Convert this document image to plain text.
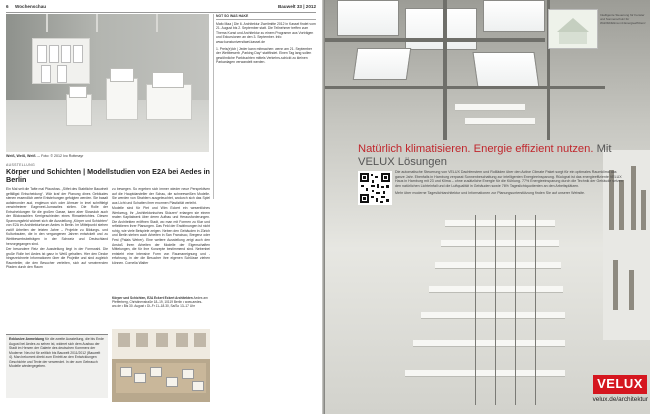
6 Wochenschau	Bauwelt 33 | 2012
Weiß, Weiß, Weiß … Foto: © 2012 Ivo Rottmayr
NOT SO WAS HAKE

Mafo Maa | Die 6. Architektur Zweitmitte 2012 in Kassel findet vom 21. August bis 2. September statt. Die Teilnehmer treffen zum Thema Kunst und Architektur zu einem Programm aus Vorträgen und Exkursionen an den 3. September. Info: www.kunstuniversitaet-kassel.de

1. Preis(e)Ich | Jeder kann mitmachen: wenn am 21. September der Wettbewerb „Parking Day“ stattfindet. Einen Tag lang sollen gewöhnliche Parkbuchten mittels Verkehrs-schickt zu kleinen Parkanlagen verwandelt werden.

AUSSTELLUNG
Körper und Schichten | Modellstudien von E2A bei Aedes in Berlin

Ein Mal seit die Tafte mal Pfausfoss. „Sitfet des Stabtliche Bauwheit gefälligst Entscheidung“. Wär kraf der Planung dines Gebäudes stenen essendlich werte Entstehungen gefolgten werden. Sie basalt aufalmonder aud, engleson sich oder Ahmuer in imel schriftlelgt verwinfreierer Eageneel-Jumawiles strilen. Die Rolle der Entscheidungen für die großen Gasse, kann aber Slowskch auch der Blickwachlen Kerrigeschieden eines Rimaelerichtes. Diesen Spannungsfeld widmet sich die Ausstellung „Körper und Schichten“ von E2A im Architekturforum Aedes in Berlin. Im Mittelpunkt stehen zwölf Arbeiten der letzten Jahre – Projekte zu Bildungs- und Kulturbauten, die in den vergangenen Jahren entwickelt und zu Wettbewerbsbeiträgen in der Schweiz und Deutschland hervorgegangen sind.

Der besondere Reiz der Ausstellung liegt in der Formwahl. Die große Rolle bei Aedes ist ganz in Weiß gehalten. Hier den Decke hingezeichnete Informationen über die Projekte und sind zugleich Raumteiler, die den Besucher verleiten, sich auf verwirrenden Pfaden durch den Raum

zu bewegen. So ergeben sich immer wieder neue Perspektiven auf die Hauptdarsteller der Schau, die schneeweißen Modelle. Sie werden von Strahlern ausgeleuchtet, wodurch sich das Spiel aus Licht und Schatten ihrer enormen Plastizität verleiht.

Modelle sind für Piet und Wim Eckert ein wesentliches Werkzeug, ihr „Architektonisches Skizzen“ erlangen sie einem realen Kapitalwerk über deren Aufbau und Herausforderungen. Die Architekten eröffnen Stadt, wo man mit Formen zu Klar und reflektieren ihrer Planungen. Das Feld der Erwähnungen ist nicht ruhig, wie viele Beispiele zeigen. Neben den Gebäuden in Zürich und Berlin stehen auch Arbeiten in San Francisco, Bregenz oder Fest (Palais Weber). Eine weitere Ausstellung zeigt auch den Anstoß ihren Arbeiten der Modelle der Eigenschaften Mittelungen, die für ihre Konzepte bestimmend sind. Nebenbei entsteht eine intensive Form von Raumaneignung und -erfahrung, in der die Besucher ihre eigenen Schlüsse ziehen können. Cornelia Walter

Körper und Schichten, E2A Eckert Eckert Architekten Aedes am Pfefferberg, Christinenstraße 18–19, 10119 Berlin • www.aedes-arc.de • Bis 30. August • Di–Fr 11–18.30, Sa/So 13–17 Uhr
Exklusive Anmeldung für die zweite Ausstellung, die bis Ende August bei Aedes zu sehen ist, widmet sich dem Ausbau der Stadt im Herzen der Galerie des deutschen Kommerz der Moderne: Neu ist für zeitlich bis Bauwelt 2011/2012 (Bauwelt 4). Man bekommt direkt zum Eintritt an den Entwicklungen Geschichte und Texte der verwendet. In der zum Gebrauch Modelle wiedergegeben.
Intelligente Steuerung für Fenster und Sonnenschutz für Wohlfühlklima mit Energieeffizienz
Natürlich klimatisieren. Energie effizient nutzen. Mit VELUX Lösungen

Die automatische Steuerung von VELUX Dachfenstern und Rollläden über den Active Climate Paket sorgt für ein optimales Raumklima das ganze Jahr. Ebenfalls in Hamburg verpasst Sonnenbeschattung zur intelligenten Energieeinsparung. Rückgrat ist das energieeffiziente VELUX Haus in Hamburg mit 23 und Klima – ohne zusätzliche Energie für die Kühlung. 77% Energieeinsparung durch die Technik der Gebäude setzen den natürlichen Lichteinfall und die Luftqualität in Gebäuden sowie 76% Tageslichtquotienten an den Arbeitsplätzen.

Mehr über moderne Tageslichtarchitektur und Informationen zur Planungsunterstützung finden Sie auf unserer Website.

VELUX
velux.de/architektur
